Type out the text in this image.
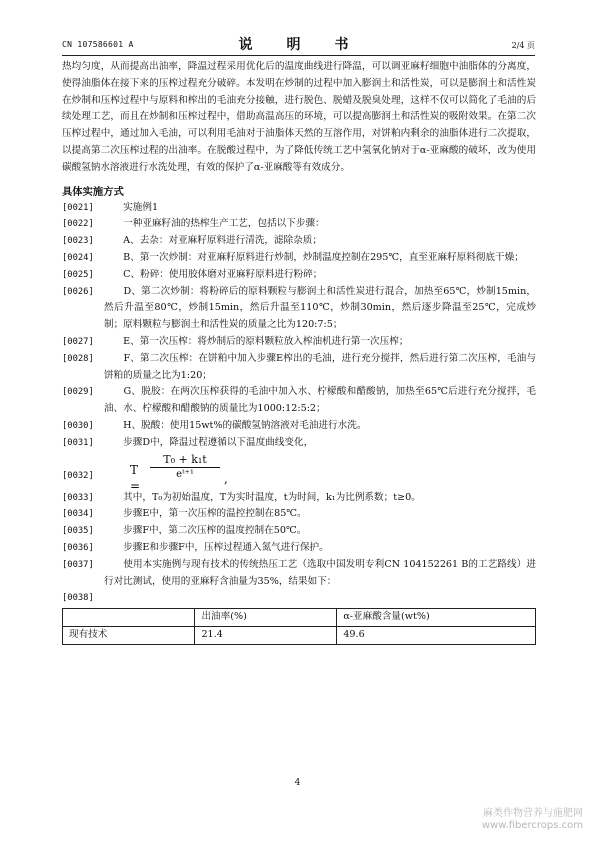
CN 107586601 A	说　明　书	2/4 页

热均匀度，从而提高出油率，降温过程采用优化后的温度曲线进行降温，可以调亚麻籽细胞中油脂体的分离度，使得油脂体在接下来的压榨过程充分破碎。本发明在炒制的过程中加入膨润土和活性炭，可以是膨润土和活性炭在炒制和压榨过程中与原料和榨出的毛油充分接触，进行脱色、脱蜡及脱臭处理，这样不仅可以简化了毛油的后续处理工艺，而且在炒制和压榨过程中，借助高温高压的环境，可以提高膨润土和活性炭的吸附效果。在第二次压榨过程中，通过加入毛油，可以利用毛油对于油脂体天然的互溶作用，对饼粕内剩余的油脂体进行二次提取，以提高第二次压榨过程的出油率。在脱酸过程中，为了降低传统工艺中氢氧化钠对于α-亚麻酸的破坏，改为使用碳酸氢钠水溶液进行水洗处理，有效的保护了α-亚麻酸等有效成分。

具体实施方式
[0021] 　　实施例1
[0022] 　　一种亚麻籽油的热榨生产工艺，包括以下步骤：
[0023] 　　A、去杂：对亚麻籽原料进行清洗，滤除杂质；
[0024] 　　B、第一次炒制：对亚麻籽原料进行炒制，炒制温度控制在295℃，直至亚麻籽原料彻底干燥；
[0025] 　　C、粉碎：使用胶体磨对亚麻籽原料进行粉碎；
[0026] 　　D、第二次炒制：将粉碎后的原料颗粒与膨润土和活性炭进行混合，加热至65℃，炒制15min，然后升温至80℃，炒制15min，然后升温至110℃，炒制30min，然后逐步降温至25℃，完成炒制；原料颗粒与膨润土和活性炭的质量之比为120:7:5；
[0027] 　　E、第一次压榨：将炒制后的原料颗粒放入榨油机进行第一次压榨；
[0028] 　　F、第二次压榨：在饼粕中加入步骤E榨出的毛油，进行充分搅拌，然后进行第二次压榨，毛油与饼粕的质量之比为1:20；
[0029] 　　G、脱胶：在两次压榨获得的毛油中加入水、柠檬酸和醋酸钠，加热至65℃后进行充分搅拌，毛油、水、柠檬酸和醋酸钠的质量比为1000:12:5:2；
[0030] 　　H、脱酸：使用15wt%的碳酸氢钠溶液对毛油进行水洗。
[0031] 　　步骤D中，降温过程遵循以下温度曲线变化，
[0032]	T =
$\frac{\text{T₀ + k₁t}}{\text{eᵗ⁺¹}}$ ,
[0033] 　　其中，T₀为初始温度，T为实时温度，t为时间，k₁为比例系数；t≥0。
[0034] 　　步骤E中，第一次压榨的温控控制在85℃。
[0035] 　　步骤F中，第二次压榨的温度控制在50℃。
[0036] 　　步骤E和步骤F中，压榨过程通入氮气进行保护。
[0037] 　　使用本实施例与现有技术的传统热压工艺（选取中国发明专利CN 104152261 B的工艺路线）进行对比测试，使用的亚麻籽含油量为35%，结果如下：
[0038]
	出油率(%)	α-亚麻酸含量(wt%)
现有技术	21.4	49.6
4
麻类作物营养与施肥网
www.fibercrops.com
